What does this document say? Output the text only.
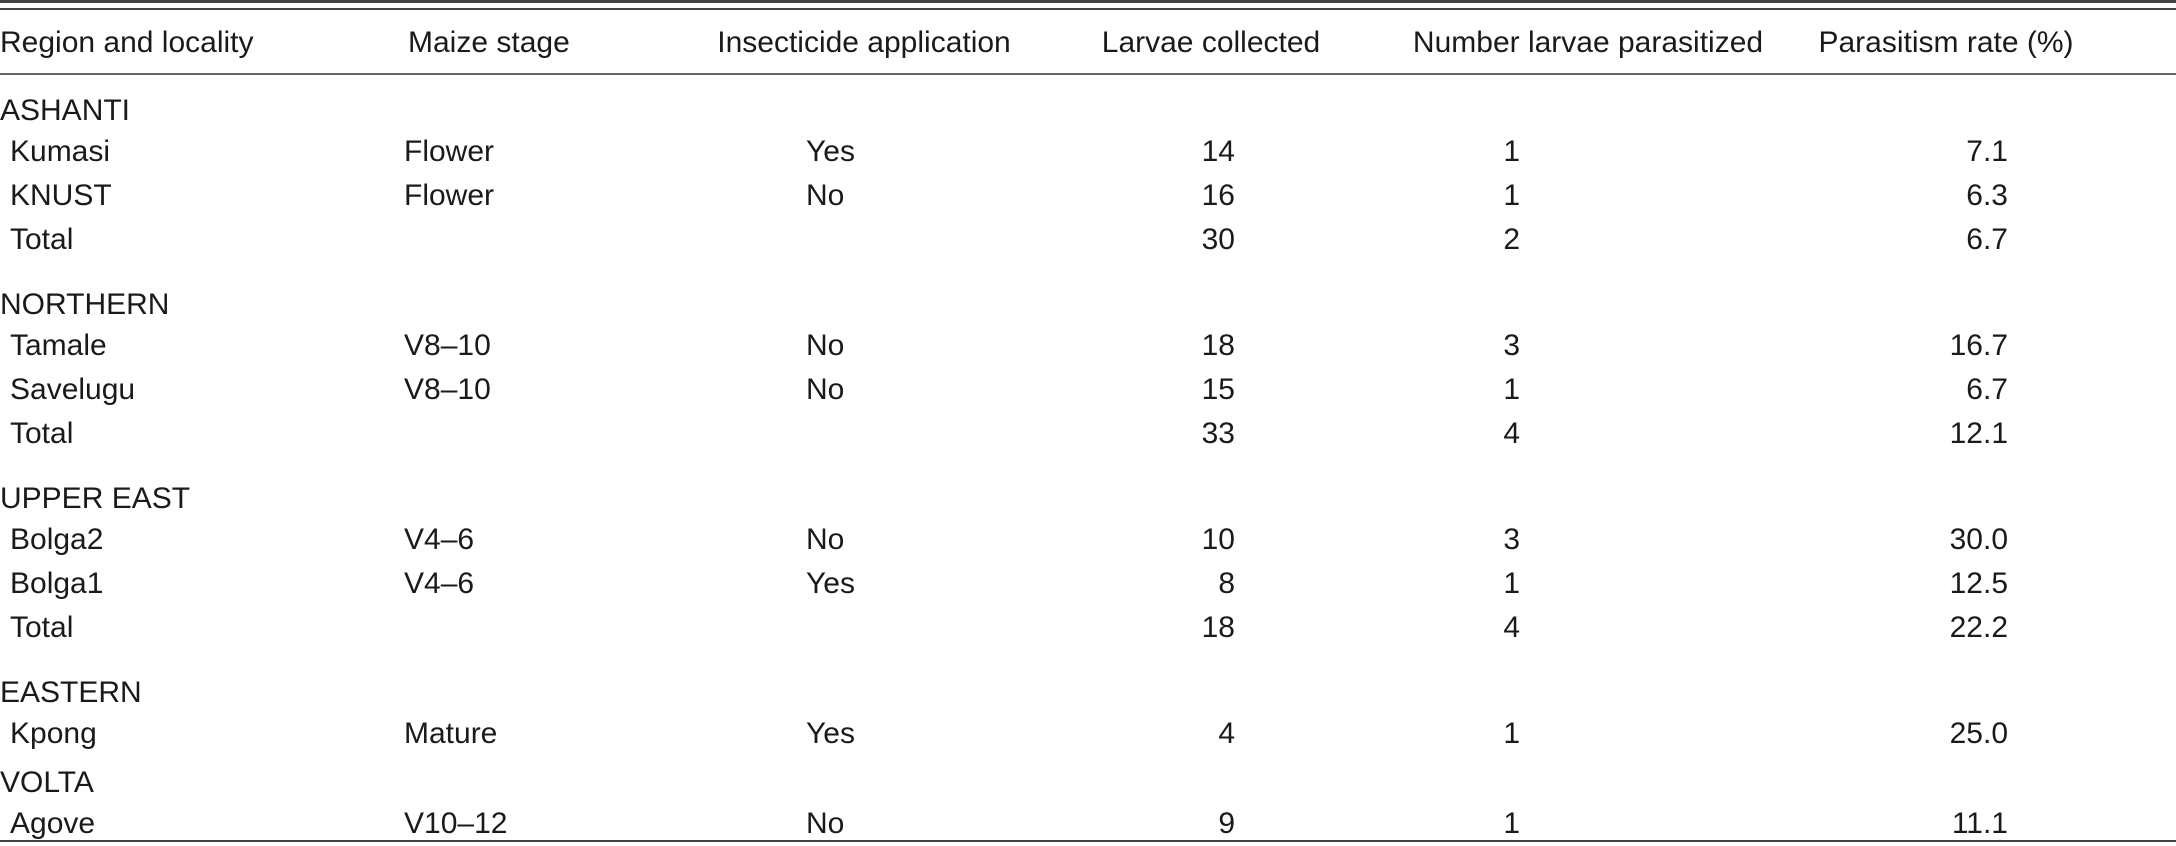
Region and locality	Maize stage	Insecticide application	Larvae collected	Number larvae parasitized	Parasitism rate (%)
ASHANTI					
Kumasi	Flower	Yes	14	1	7.1
KNUST	Flower	No	16	1	6.3
Total			30	2	6.7
NORTHERN					
Tamale	V8–10	No	18	3	16.7
Savelugu	V8–10	No	15	1	6.7
Total			33	4	12.1
UPPER EAST					
Bolga2	V4–6	No	10	3	30.0
Bolga1	V4–6	Yes	8	1	12.5
Total			18	4	22.2
EASTERN					
Kpong	Mature	Yes	4	1	25.0
VOLTA					
Agove	V10–12	No	9	1	11.1
